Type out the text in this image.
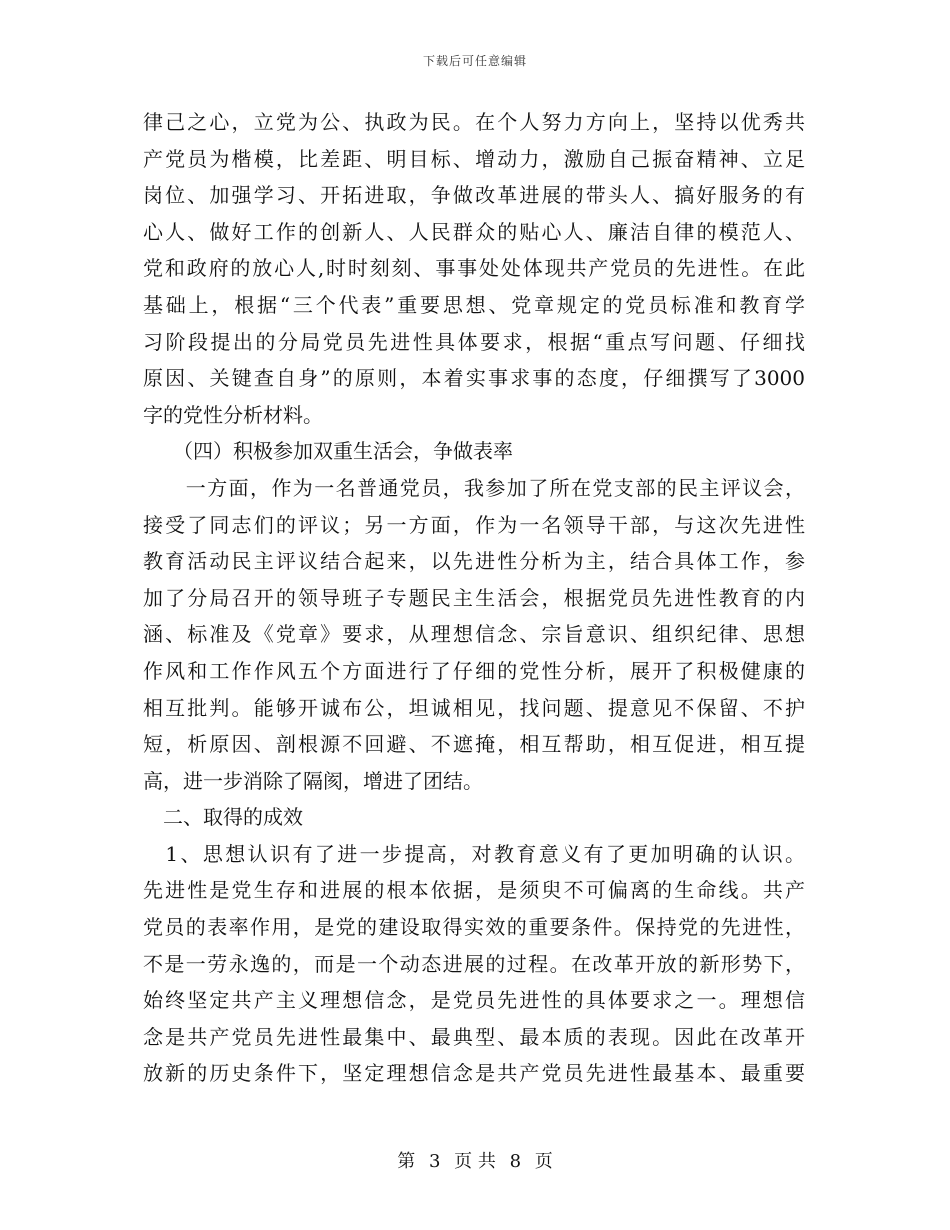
下载后可任意编辑
律己之心，立党为公、执政为民。在个人努力方向上，坚持以优秀共
产党员为楷模，比差距、明目标、增动力，激励自己振奋精神、立足
岗位、加强学习、开拓进取，争做改革进展的带头人、搞好服务的有
心人、做好工作的创新人、人民群众的贴心人、廉洁自律的模范人、
党和政府的放心人,时时刻刻、事事处处体现共产党员的先进性。在此
基础上，根据“三个代表”重要思想、党章规定的党员标准和教育学
习阶段提出的分局党员先进性具体要求，根据“重点写问题、仔细找
原因、关键查自身”的原则，本着实事求事的态度，仔细撰写了3000
字的党性分析材料。
　　（四）积极参加双重生活会，争做表率
　　一方面，作为一名普通党员，我参加了所在党支部的民主评议会，
接受了同志们的评议；另一方面，作为一名领导干部，与这次先进性
教育活动民主评议结合起来，以先进性分析为主，结合具体工作，参
加了分局召开的领导班子专题民主生活会，根据党员先进性教育的内
涵、标准及《党章》要求，从理想信念、宗旨意识、组织纪律、思想
作风和工作作风五个方面进行了仔细的党性分析，展开了积极健康的
相互批判。能够开诚布公，坦诚相见，找问题、提意见不保留、不护
短，析原因、剖根源不回避、不遮掩，相互帮助，相互促进，相互提
高，进一步消除了隔阂，增进了团结。
　二、取得的成效
　1、思想认识有了进一步提高，对教育意义有了更加明确的认识。
先进性是党生存和进展的根本依据，是须臾不可偏离的生命线。共产
党员的表率作用，是党的建设取得实效的重要条件。保持党的先进性，
不是一劳永逸的，而是一个动态进展的过程。在改革开放的新形势下，
始终坚定共产主义理想信念，是党员先进性的具体要求之一。理想信
念是共产党员先进性最集中、最典型、最本质的表现。因此在改革开
放新的历史条件下，坚定理想信念是共产党员先进性最基本、最重要
第 3 页 共 8 页
